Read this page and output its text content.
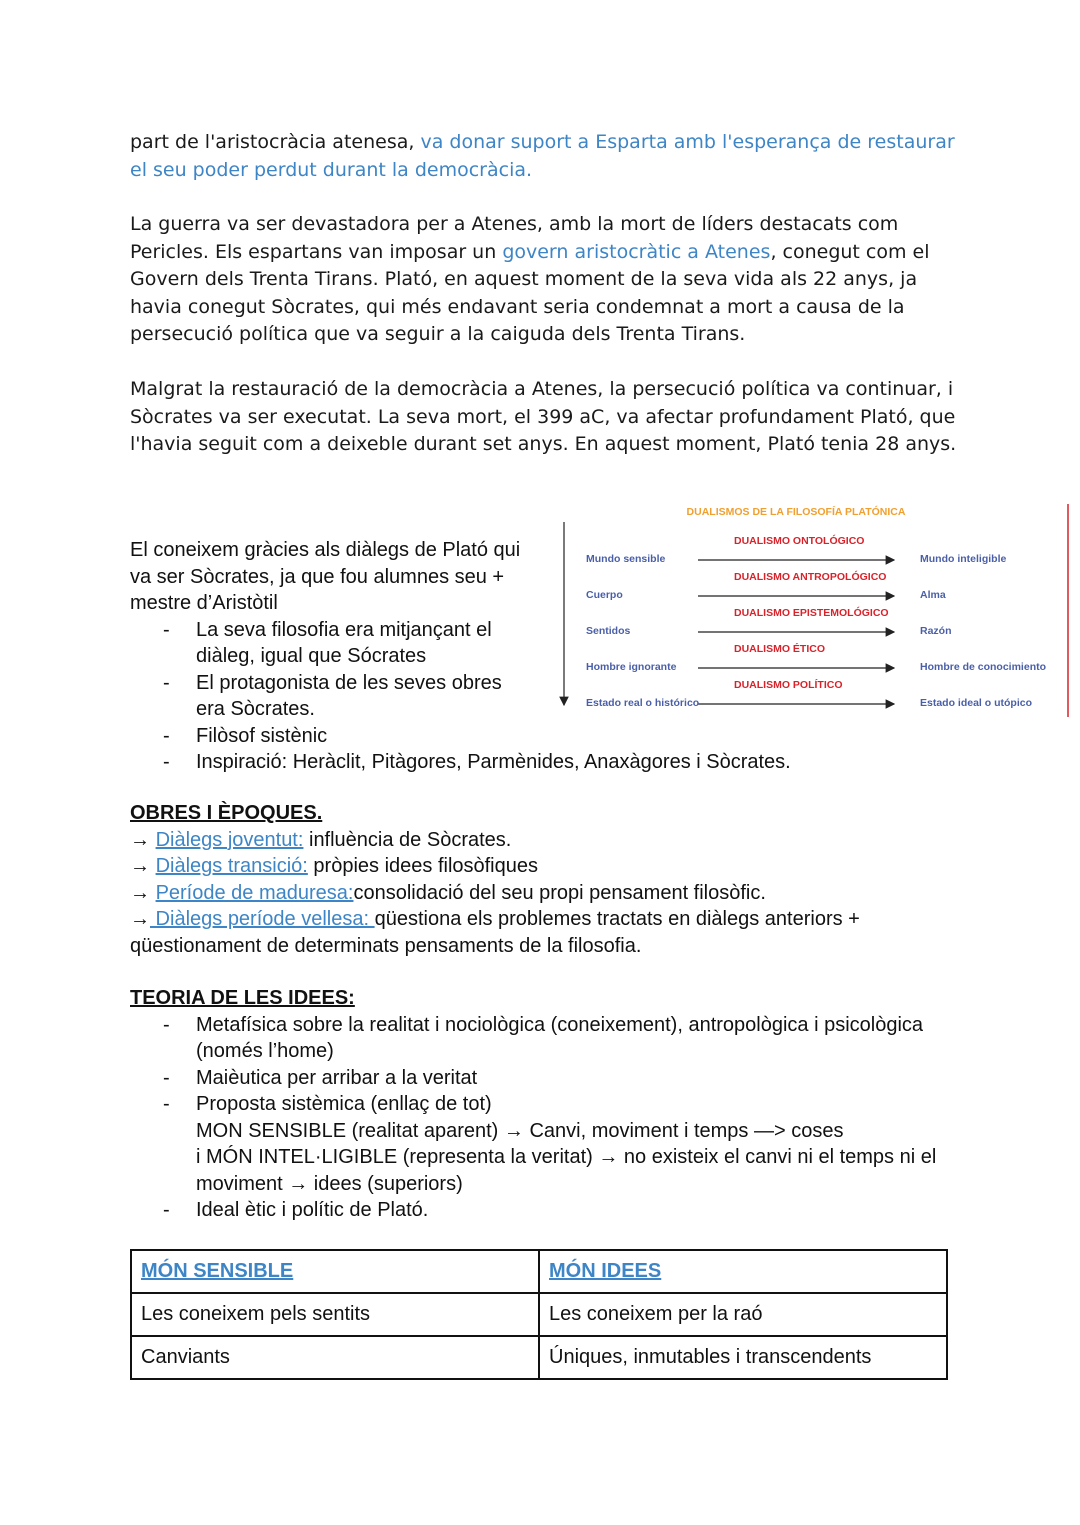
part de l'aristocràcia atenesa, va donar suport a Esparta amb l'esperança de restaurar el seu poder perdut durant la democràcia.

La guerra va ser devastadora per a Atenes, amb la mort de líders destacats com Pericles. Els espartans van imposar un govern aristocràtic a Atenes, conegut com el Govern dels Trenta Tirans. Plató, en aquest moment de la seva vida als 22 anys, ja havia conegut Sòcrates, qui més endavant seria condemnat a mort a causa de la persecució política que va seguir a la caiguda dels Trenta Tirans.

Malgrat la restauració de la democràcia a Atenes, la persecució política va continuar, i Sòcrates va ser executat. La seva mort, el 399 aC, va afectar profundament Plató, que l'havia seguit com a deixeble durant set anys. En aquest moment, Plató tenia 28 anys.

El coneixem gràcies als diàlegs de Plató qui va ser Sòcrates, ja que fou alumnes seu + mestre d’Aristòtil

- La seva filosofia era mitjançant el diàleg, igual que Sócrates
- El protagonista de les seves obres era Sòcrates.
- Filòsof sistènic
- Inspiració: Heràclit, Pitàgores, Parmènides, Anaxàgores i Sòcrates.
DUALISMOS DE LA FILOSOFÍA PLATÓNICA
DUALISMO ONTOLÓGICO
Mundo sensible	Mundo inteligible
DUALISMO ANTROPOLÓGICO
Cuerpo	Alma
DUALISMO EPISTEMOLÓGICO
Sentidos	Razón
DUALISMO ÉTICO
Hombre ignorante	Hombre de conocimiento
DUALISMO POLÍTICO
Estado real o histórico	Estado ideal o utópico

OBRES I ÈPOQUES.

→ Diàlegs joventut: influència de Sòcrates.

→ Diàlegs transició: pròpies idees filosòfiques

→ Període de maduresa:consolidació del seu propi pensament filosòfic.

→ Diàlegs període vellesa: qüestiona els problemes tractats en diàlegs anteriors + qüestionament de determinats pensaments de la filosofia.

TEORIA DE LES IDEES:

- Metafísica sobre la realitat i nociològica (coneixement), antropològica i psicològica (només l’home)
- Maièutica per arribar a la veritat
- Proposta sistèmica (enllaç de tot)
MON SENSIBLE (realitat aparent) → Canvi, moviment i temps —> coses
i MÓN INTEL·LIGIBLE (representa la veritat) → no existeix el canvi ni el temps ni el moviment → idees (superiors)
- Ideal ètic i polític de Plató.
MÓN SENSIBLE	MÓN IDEES
Les coneixem pels sentits	Les coneixem per la raó
Canviants	Úniques, inmutables i transcendents
